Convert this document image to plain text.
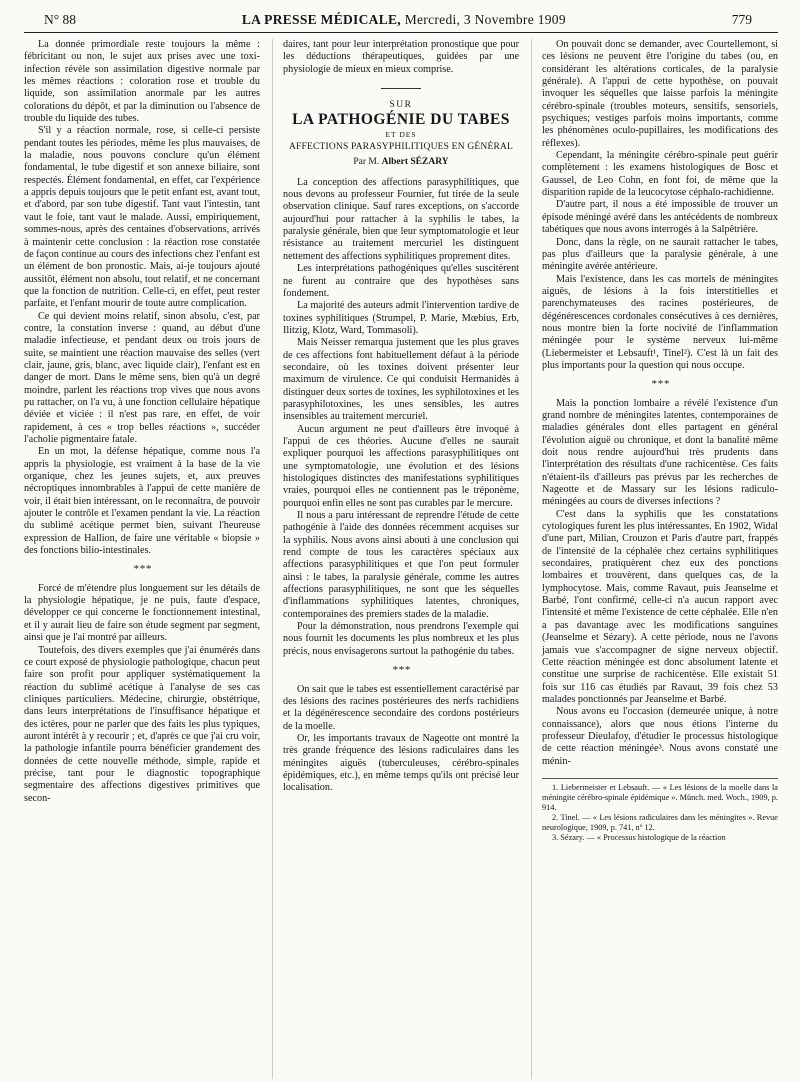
N° 88	LA PRESSE MÉDICALE, Mercredi, 3 Novembre 1909	779

La donnée primordiale reste toujours la même : fébricitant ou non, le sujet aux prises avec une toxi-infection révèle son assimilation digestive normale par les mêmes réactions : coloration rose et trouble du liquide, son assimilation anormale par les autres colorations du dépôt, et par la diminution ou l'absence de trouble du liquide des tubes.

S'il y a réaction normale, rose, si celle-ci persiste pendant toutes les périodes, même les plus mauvaises, de la maladie, nous pouvons conclure qu'un élément fondamental, le tube digestif et son annexe biliaire, sont respectés. Élément fondamental, en effet, car l'expérience a appris depuis toujours que le petit enfant est, avant tout, et d'abord, par son tube digestif. Tant vaut l'intestin, tant vaut le foie, tant vaut le malade. Aussi, empiriquement, sommes-nous, après des centaines d'observations, arrivés à maintenir cette conclusion : la réaction rose constatée de façon continue au cours des infections chez l'enfant est un élément de bon pronostic. Mais, ai-je toujours ajouté aussitôt, élément non absolu, tout relatif, et ne concernant que la fonction de nutrition. Celle-ci, en effet, peut rester parfaite, et l'enfant mourir de toute autre complication.

Ce qui devient moins relatif, sinon absolu, c'est, par contre, la constation inverse : quand, au début d'une maladie infectieuse, et pendant deux ou trois jours de suite, se maintient une réaction mauvaise des selles (vert clair, jaune, gris, blanc, avec liquide clair), l'enfant est en danger de mort. Dans le même sens, bien qu'à un degré moindre, parlent les réactions trop vives que nous avons pu rattacher, on l'a vu, à une fonction cellulaire hépatique déviée et viciée : il n'est pas rare, en effet, de voir rapidement, à ces « trop belles réactions », succéder l'acholie pigmentaire fatale.

En un mot, la défense hépatique, comme nous l'a appris la physiologie, est vraiment à la base de la vie organique, chez les jeunes sujets, et, aux preuves nécroptiques innombrables à l'appui de cette manière de voir, il était bien intéressant, on le reconnaîtra, de pouvoir ajouter le contrôle et l'examen pendant la vie. La réaction du sublimé acétique permet bien, suivant l'heureuse expression de Hallion, de faire une véritable « biopsie » des fonctions bilio-intestinales.

* * *

Forcé de m'étendre plus longuement sur les détails de la physiologie hépatique, je ne puis, faute d'espace, développer ce qui concerne le fonctionnement intestinal, et il y aurait lieu de faire son étude segment par segment, ainsi que je l'ai montré par ailleurs.

Toutefois, des divers exemples que j'ai énumérés dans ce court exposé de physiologie pathologique, chacun peut faire son profit pour appliquer systématiquement la réaction du sublimé acétique à l'analyse de ses cas cliniques particuliers. Médecine, chirurgie, obstétrique, dans leurs interprétations de l'insuffisance hépatique et des ictères, pour ne parler que des faits les plus typiques, auront intérêt à y recourir ; et, d'après ce que j'ai cru voir, la pathologie infantile pourra bénéficier grandement des données de cette nouvelle méthode, simple, rapide et précise, tant pour le diagnostic topographique segmentaire des affections digestives primitives que secon-

daires, tant pour leur interprétation pronostique que pour les déductions thérapeutiques, guidées par une physiologie de mieux en mieux comprise.

SUR
LA PATHOGÉNIE DU TABES
ET DES
AFFECTIONS PARASYPHILITIQUES EN GÉNÉRAL
Par M. Albert SÉZARY

La conception des affections parasyphilitiques, que nous devons au professeur Fournier, fut tirée de la seule observation clinique. Sauf rares exceptions, on s'accorde aujourd'hui pour rattacher à la syphilis le tabes, la paralysie générale, bien que leur symptomatologie et leur résistance au traitement mercuriel les distinguent nettement des affections syphilitiques proprement dites.

Les interprétations pathogéniques qu'elles suscitèrent ne furent au contraire que des hypothèses sans fondement.

La majorité des auteurs admit l'intervention tardive de toxines syphilitiques (Strumpel, P. Marie, Mœbius, Erb, Ilitzig, Klotz, Ward, Tommasoli).

Mais Neisser remarqua justement que les plus graves de ces affections font habituellement défaut à la période secondaire, où les toxines doivent présenter leur maximum de virulence. Ce qui conduisit Hermanidès à distinguer deux sortes de toxines, les syphilotoxines et les parasyphilotoxines, les unes sensibles, les autres insensibles au traitement mercuriel.

Aucun argument ne peut d'ailleurs être invoqué à l'appui de ces théories. Aucune d'elles ne saurait expliquer pourquoi les affections parasyphilitiques ont une symptomatologie, une évolution et des lésions histologiques distinctes des manifestations syphilitiques vraies, pourquoi elles ne contiennent pas le tréponème, pourquoi enfin elles ne sont pas curables par le mercure.

Il nous a paru intéressant de reprendre l'étude de cette pathogénie à l'aide des données récemment acquises sur la syphilis. Nous avons ainsi abouti à une conclusion qui rend compte de tous les caractères spéciaux aux affections parasyphilitiques et que l'on peut formuler ainsi : le tabes, la paralysie générale, comme les autres affections parasyphilitiques, ne sont que les séquelles d'inflammations syphilitiques latentes, chroniques, contemporaines des premiers stades de la maladie.

Pour la démonstration, nous prendrons l'exemple qui nous fournit les documents les plus nombreux et les plus précis, nous envisagerons surtout la pathogénie du tabes.

* * *

On sait que le tabes est essentiellement caractérisé par des lésions des racines postérieures des nerfs rachidiens et la dégénérescence secondaire des cordons postérieurs de la moelle.

Or, les importants travaux de Nageotte ont montré la très grande fréquence des lésions radiculaires dans les méningites aiguës (tuberculeuses, cérébro-spinales épidémiques, etc.), en même temps qu'ils ont précisé leur localisation.

On pouvait donc se demander, avec Courtellemont, si ces lésions ne peuvent être l'origine du tabes (ou, en considérant les altérations corticales, de la paralysie générale). A l'appui de cette hypothèse, on pouvait invoquer les séquelles que laisse parfois la méningite cérébro-spinale (troubles moteurs, sensitifs, sensoriels, psychiques; vestiges parfois moins importants, comme les phénomènes oculo-pupillaires, les modifications des réflexes).

Cependant, la méningite cérébro-spinale peut guérir complètement : les examens histologiques de Bosc et Gaussel, de Leo Cohn, en font foi, de même que la disparition rapide de la leucocytose céphalo-rachidienne.

D'autre part, il nous a été impossible de trouver un épisode méningé avéré dans les antécédents de nombreux tabétiques que nous avons interrogés à la Salpêtrière.

Donc, dans la règle, on ne saurait rattacher le tabes, pas plus d'ailleurs que la paralysie générale, à une méningite avérée antérieure.

Mais l'existence, dans les cas mortels de méningites aiguës, de lésions à la fois interstitielles et parenchymateuses des racines postérieures, de dégénérescences cordonales consécutives à ces dernières, nous montre bien la forte nocivité de l'inflammation méningée pour le système nerveux lui-même (Liebermeister et Lebsauft¹, Tinel²). C'est là un fait des plus importants pour la question qui nous occupe.

* * *

Mais la ponction lombaire a révélé l'existence d'un grand nombre de méningites latentes, contemporaines de maladies générales dont elles partagent en général l'évolution aiguë ou chronique, et dont la banalité même doit nous rendre aujourd'hui très prudents dans l'interprétation des résultats d'une rachicentèse. Ces faits n'étaient-ils d'ailleurs pas prévus par les recherches de Nageotte et de Massary sur les lésions radiculo-méningées au cours de diverses infections ?

C'est dans la syphilis que les constatations cytologiques furent les plus intéressantes. En 1902, Widal d'une part, Milian, Crouzon et Paris d'autre part, frappés de l'intensité de la céphalée chez certains syphilitiques secondaires, pratiquèrent chez eux des ponctions lombaires et trouvèrent, dans quelques cas, de la lymphocytose. Mais, comme Ravaut, puis Jeanselme et Barbé, l'ont confirmé, celle-ci n'a aucun rapport avec l'intensité et même l'existence de cette céphalée. Elle n'en a pas davantage avec les modifications sanguines (Jeanselme et Sézary). A cette période, nous ne l'avons jamais vue s'accompagner de signe nerveux objectif. Cette réaction méningée est donc absolument latente et constitue une surprise de rachicentèse. Elle existait 51 fois sur 116 cas étudiés par Ravaut, 39 fois chez 53 malades ponctionnés par Jeanselme et Barbé.

Nous avons eu l'occasion (demeurée unique, à notre connaissance), alors que nous étions l'interne du professeur Dieulafoy, d'étudier le processus histologique de cette réaction méningée³. Nous avons constaté une ménin-

1. Liebermeister et Lebsauft. — « Les lésions de la moelle dans la méningite cérébro-spinale épidémique ». Münch. med. Woch., 1909, p. 914.

2. Tinel. — « Les lésions radiculaires dans les méningites ». Revue neurologique, 1909, p. 741, nº 12.

3. Sézary. — « Processus histologique de la réaction
